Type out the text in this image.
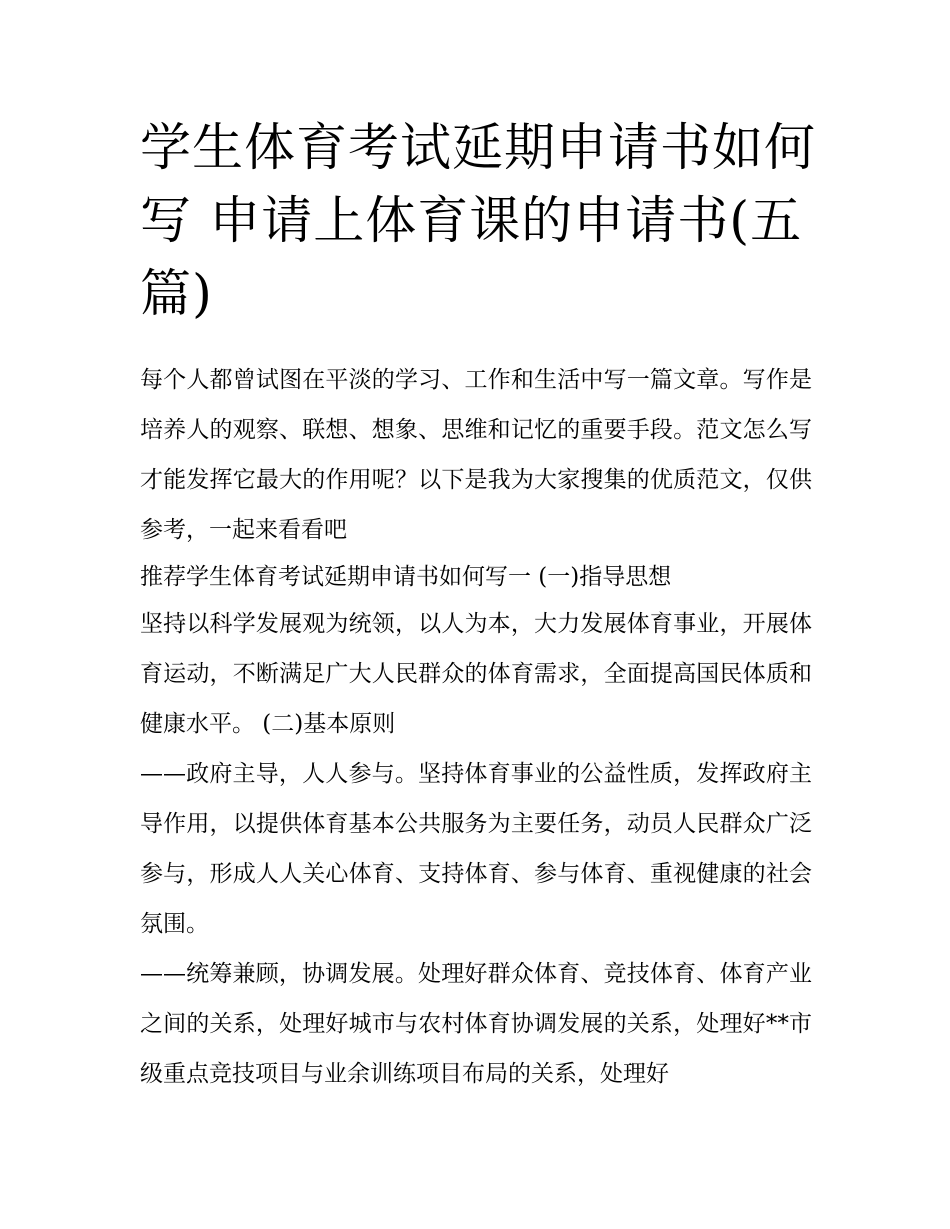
学生体育考试延期申请书如何写 申请上体育课的申请书(五篇)

每个人都曾试图在平淡的学习、工作和生活中写一篇文章。写作是培养人的观察、联想、想象、思维和记忆的重要手段。范文怎么写才能发挥它最大的作用呢？以下是我为大家搜集的优质范文，仅供参考，一起来看看吧

推荐学生体育考试延期申请书如何写一 (一)指导思想

坚持以科学发展观为统领，以人为本，大力发展体育事业，开展体育运动，不断满足广大人民群众的体育需求，全面提高国民体质和健康水平。 (二)基本原则

——政府主导，人人参与。坚持体育事业的公益性质，发挥政府主导作用，以提供体育基本公共服务为主要任务，动员人民群众广泛参与，形成人人关心体育、支持体育、参与体育、重视健康的社会氛围。

——统筹兼顾，协调发展。处理好群众体育、竞技体育、体育产业之间的关系，处理好城市与农村体育协调发展的关系，处理好**市级重点竞技项目与业余训练项目布局的关系，处理好
